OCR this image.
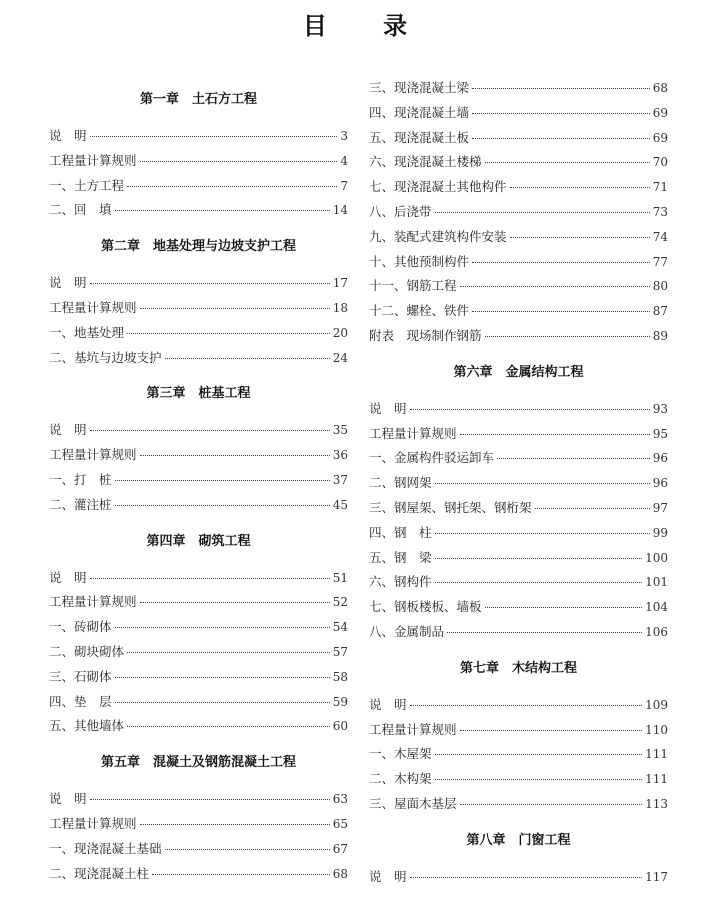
目 录
第一章　土石方工程
说　明	3
工程量计算规则	4
一、土方工程	7
二、回　填	14
第二章　地基处理与边坡支护工程
说　明	17
工程量计算规则	18
一、地基处理	20
二、基坑与边坡支护	24
第三章　桩基工程
说　明	35
工程量计算规则	36
一、打　桩	37
二、灌注桩	45
第四章　砌筑工程
说　明	51
工程量计算规则	52
一、砖砌体	54
二、砌块砌体	57
三、石砌体	58
四、垫　层	59
五、其他墙体	60
第五章　混凝土及钢筋混凝土工程
说　明	63
工程量计算规则	65
一、现浇混凝土基础	67
二、现浇混凝土柱	68
三、现浇混凝土梁	68
四、现浇混凝土墙	69
五、现浇混凝土板	69
六、现浇混凝土楼梯	70
七、现浇混凝土其他构件	71
八、后浇带	73
九、装配式建筑构件安装	74
十、其他预制构件	77
十一、钢筋工程	80
十二、螺栓、铁件	87
附表　现场制作钢筋	89
第六章　金属结构工程
说　明	93
工程量计算规则	95
一、金属构件驳运卸车	96
二、钢网架	96
三、钢屋架、钢托架、钢桁架	97
四、钢　柱	99
五、钢　梁	100
六、钢构件	101
七、钢板楼板、墙板	104
八、金属制品	106
第七章　木结构工程
说　明	109
工程量计算规则	110
一、木屋架	111
二、木构架	111
三、屋面木基层	113
第八章　门窗工程
说　明	117
